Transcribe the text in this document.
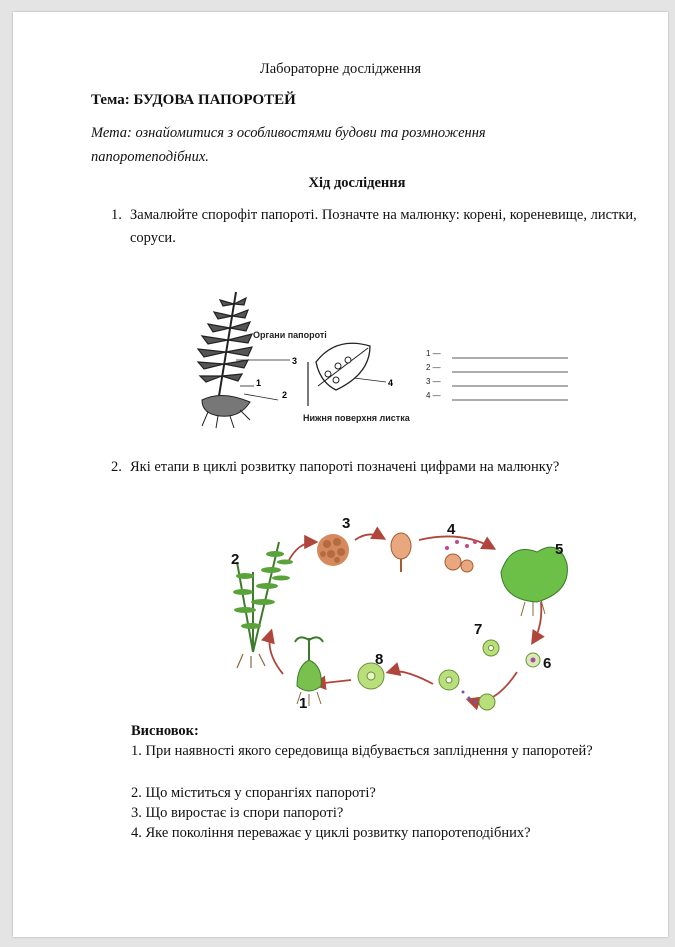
Лабораторне дослідження
Тема: БУДОВА ПАПОРОТЕЙ
Мета: ознайомитися з особливостями будови та розмноження папоротеподібних.
Хід дослідення
1. Замалюйте спорофіт папороті. Позначте на малюнку: корені, кореневище, листки, соруси.
Органи папороті
Нижня поверхня листка
3
1
2
4
1 —
2 —
3 —
4 —
2. Які етапи в циклі розвитку папороті позначені цифрами на малюнку?
1
2
3	4
5
6
7
8
Висновок:
1. При наявності якого середовища відбувається запліднення у папоротей?
2. Що міститься у спорангіях папороті?
3. Що виростає із спори папороті?
4. Яке покоління переважає у циклі розвитку папоротеподібних?
